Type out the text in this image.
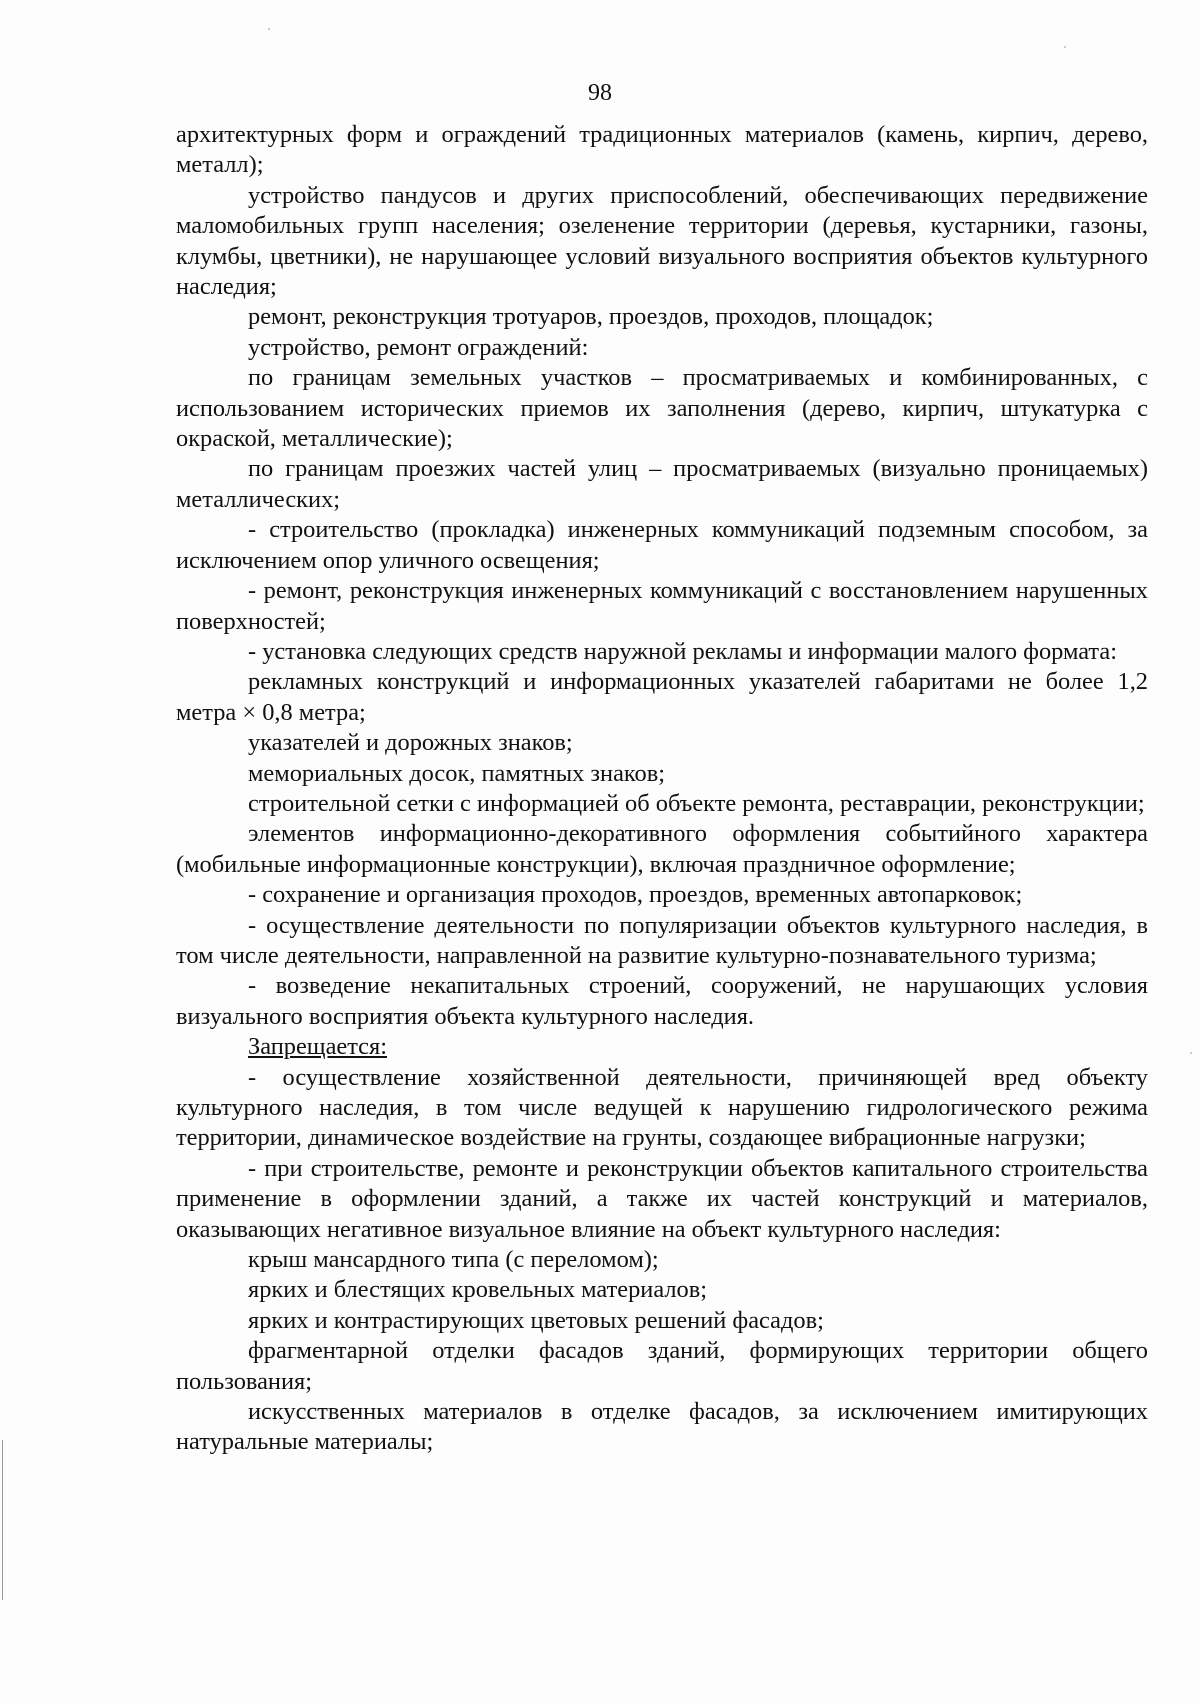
98

архитектурных форм и ограждений традиционных материалов (камень, кирпич, дерево, металл);

устройство пандусов и других приспособлений, обеспечивающих передвижение маломобильных групп населения; озеленение территории (деревья, кустарники, газоны, клумбы, цветники), не нарушающее условий визуального восприятия объектов культурного наследия;

ремонт, реконструкция тротуаров, проездов, проходов, площадок;

устройство, ремонт ограждений:

по границам земельных участков – просматриваемых и комбинированных, с использованием исторических приемов их заполнения (дерево, кирпич, штукатурка с окраской, металлические);

по границам проезжих частей улиц – просматриваемых (визуально проницаемых) металлических;

- строительство (прокладка) инженерных коммуникаций подземным способом, за исключением опор уличного освещения;

- ремонт, реконструкция инженерных коммуникаций с восстановлением нарушенных поверхностей;

- установка следующих средств наружной рекламы и информации малого формата:

рекламных конструкций и информационных указателей габаритами не более 1,2 метра × 0,8 метра;

указателей и дорожных знаков;

мемориальных досок, памятных знаков;

строительной сетки с информацией об объекте ремонта, реставрации, реконструкции;

элементов информационно-декоративного оформления событийного характера (мобильные информационные конструкции), включая праздничное оформление;

- сохранение и организация проходов, проездов, временных автопарковок;

- осуществление деятельности по популяризации объектов культурного наследия, в том числе деятельности, направленной на развитие культурно-познавательного туризма;

- возведение некапитальных строений, сооружений, не нарушающих условия визуального восприятия объекта культурного наследия.

Запрещается:

- осуществление хозяйственной деятельности, причиняющей вред объекту культурного наследия, в том числе ведущей к нарушению гидрологического режима территории, динамическое воздействие на грунты, создающее вибрационные нагрузки;

- при строительстве, ремонте и реконструкции объектов капитального строительства применение в оформлении зданий, а также их частей конструкций и материалов, оказывающих негативное визуальное влияние на объект культурного наследия:

крыш мансардного типа (с переломом);

ярких и блестящих кровельных материалов;

ярких и контрастирующих цветовых решений фасадов;

фрагментарной отделки фасадов зданий, формирующих территории общего пользования;

искусственных материалов в отделке фасадов, за исключением имитирующих натуральные материалы;
